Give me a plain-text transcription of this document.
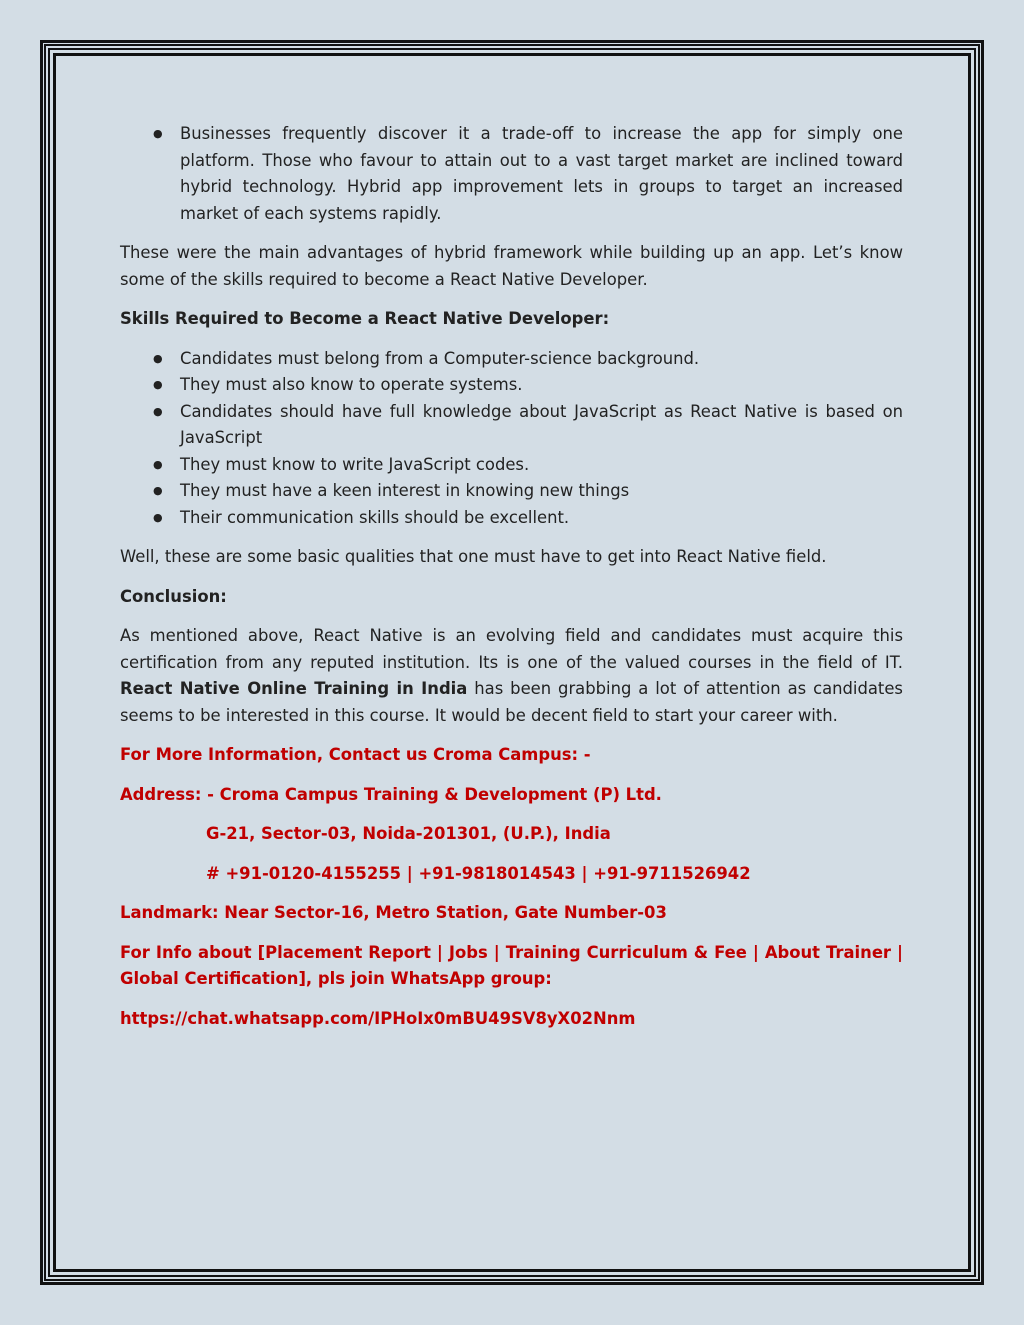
● Businesses frequently discover it a trade-off to increase the app for simply one platform. Those who favour to attain out to a vast target market are inclined toward hybrid technology. Hybrid app improvement lets in groups to target an increased market of each systems rapidly.

These were the main advantages of hybrid framework while building up an app. Let’s know some of the skills required to become a React Native Developer.

Skills Required to Become a React Native Developer:

● Candidates must belong from a Computer-science background.
● They must also know to operate systems.
● Candidates should have full knowledge about JavaScript as React Native is based on JavaScript
● They must know to write JavaScript codes.
● They must have a keen interest in knowing new things
● Their communication skills should be excellent.

Well, these are some basic qualities that one must have to get into React Native field.

Conclusion:

As mentioned above, React Native is an evolving field and candidates must acquire this certification from any reputed institution. Its is one of the valued courses in the field of IT. React Native Online Training in India has been grabbing a lot of attention as candidates seems to be interested in this course. It would be decent field to start your career with.

For More Information, Contact us Croma Campus: -

Address: - Croma Campus Training & Development (P) Ltd.

G-21, Sector-03, Noida-201301, (U.P.), India

# +91-0120-4155255 | +91-9818014543 | +91-9711526942

Landmark: Near Sector-16, Metro Station, Gate Number-03

For Info about [Placement Report | Jobs | Training Curriculum & Fee | About Trainer | Global Certification], pls join WhatsApp group:

https://chat.whatsapp.com/IPHoIx0mBU49SV8yX02Nnm
